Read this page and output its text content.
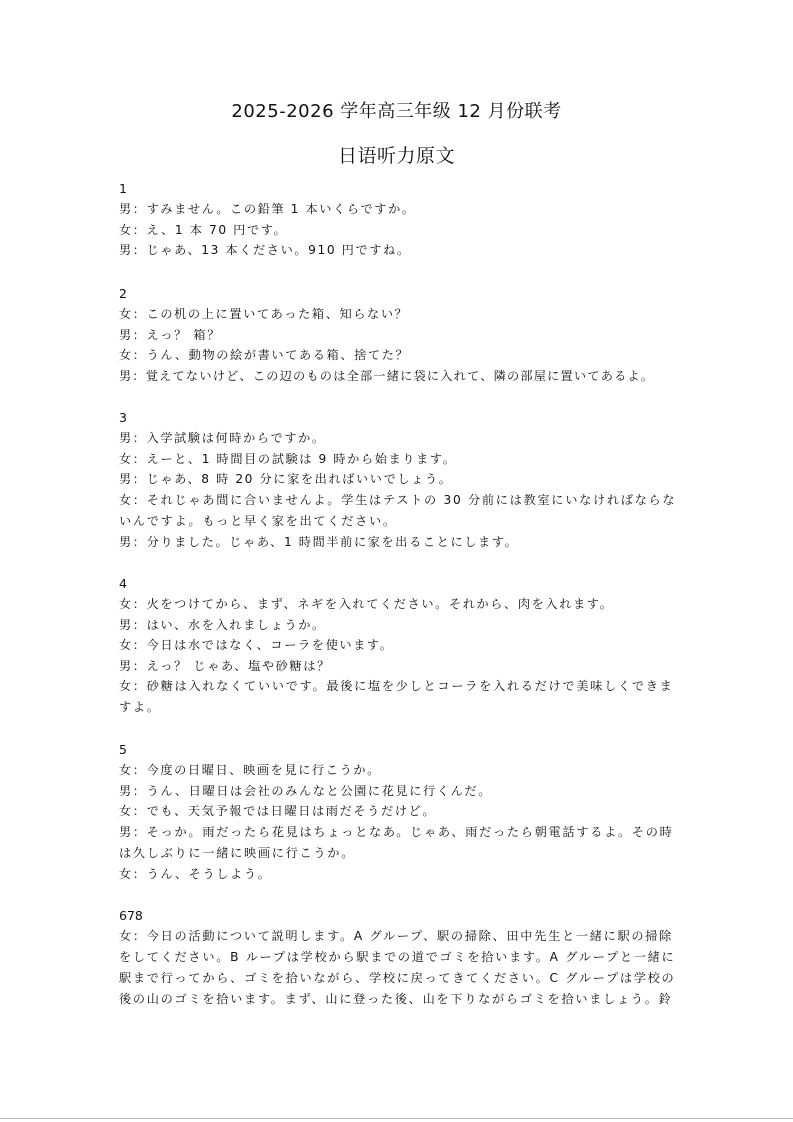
2025-2026 学年高三年级 12 月份联考
日语听力原文
1
男：すみません。この鉛筆 1 本いくらですか。
女：え、1 本 70 円です。
男：じゃあ、13 本ください。910 円ですね。
2
女：この机の上に置いてあった箱、知らない？
男：えっ？ 箱？
女：うん、動物の絵が書いてある箱、捨てた？
男：覚えてないけど、この辺のものは全部一緒に袋に入れて、隣の部屋に置いてあるよ。
3
男：入学試験は何時からですか。
女：えーと、1 時間目の試験は 9 時から始まります。
男：じゃあ、8 時 20 分に家を出ればいいでしょう。
女：それじゃあ間に合いませんよ。学生はテストの 30 分前には教室にいなければならないんですよ。もっと早く家を出てください。
男：分りました。じゃあ、1 時間半前に家を出ることにします。
4
女：火をつけてから、まず、ネギを入れてください。それから、肉を入れます。
男：はい、水を入れましょうか。
女：今日は水ではなく、コーラを使います。
男：えっ？ じゃあ、塩や砂糖は？
女：砂糖は入れなくていいです。最後に塩を少しとコーラを入れるだけで美味しくできますよ。
5
女：今度の日曜日、映画を見に行こうか。
男：うん、日曜日は会社のみんなと公園に花見に行くんだ。
女：でも、天気予報では日曜日は雨だそうだけど。
男：そっか。雨だったら花見はちょっとなあ。じゃあ、雨だったら朝電話するよ。その時は久しぶりに一緒に映画に行こうか。
女：うん、そうしよう。
678
女：今日の活動について説明します。A グループ、駅の掃除、田中先生と一緒に駅の掃除をしてください。B ループは学校から駅までの道でゴミを拾います。A グループと一緒に駅まで行ってから、ゴミを拾いながら、学校に戻ってきてください。C グループは学校の後の山のゴミを拾います。まず、山に登った後、山を下りながらゴミを拾いましょう。鈴
